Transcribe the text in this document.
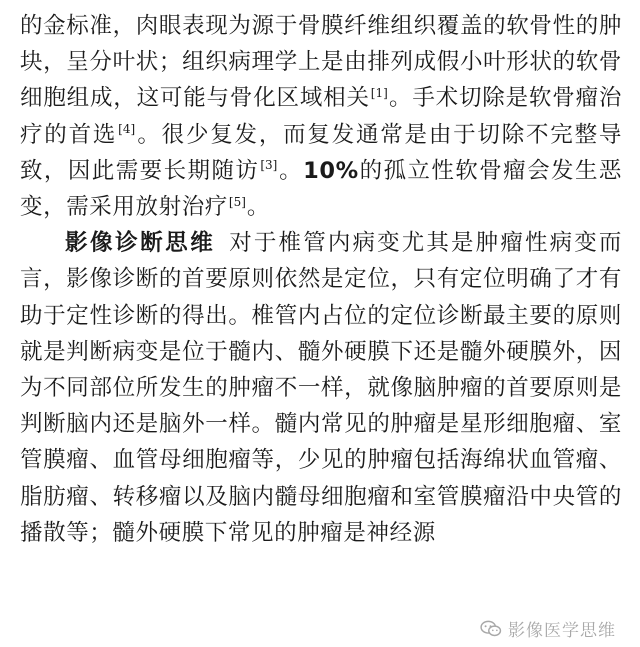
的金标准，肉眼表现为源于骨膜纤维组织覆盖的软骨性的肿块，呈分叶状；组织病理学上是由排列成假小叶形状的软骨细胞组成，这可能与骨化区域相关[1]。手术切除是软骨瘤治疗的首选[4]。很少复发，而复发通常是由于切除不完整导致，因此需要长期随访[3]。10%的孤立性软骨瘤会发生恶变，需采用放射治疗[5]。

影像诊断思维 对于椎管内病变尤其是肿瘤性病变而言，影像诊断的首要原则依然是定位，只有定位明确了才有助于定性诊断的得出。椎管内占位的定位诊断最主要的原则就是判断病变是位于髓内、髓外硬膜下还是髓外硬膜外，因为不同部位所发生的肿瘤不一样，就像脑肿瘤的首要原则是判断脑内还是脑外一样。髓内常见的肿瘤是星形细胞瘤、室管膜瘤、血管母细胞瘤等，少见的肿瘤包括海绵状血管瘤、脂肪瘤、转移瘤以及脑内髓母细胞瘤和室管膜瘤沿中央管的播散等；髓外硬膜下常见的肿瘤是神经源

影像医学思维
